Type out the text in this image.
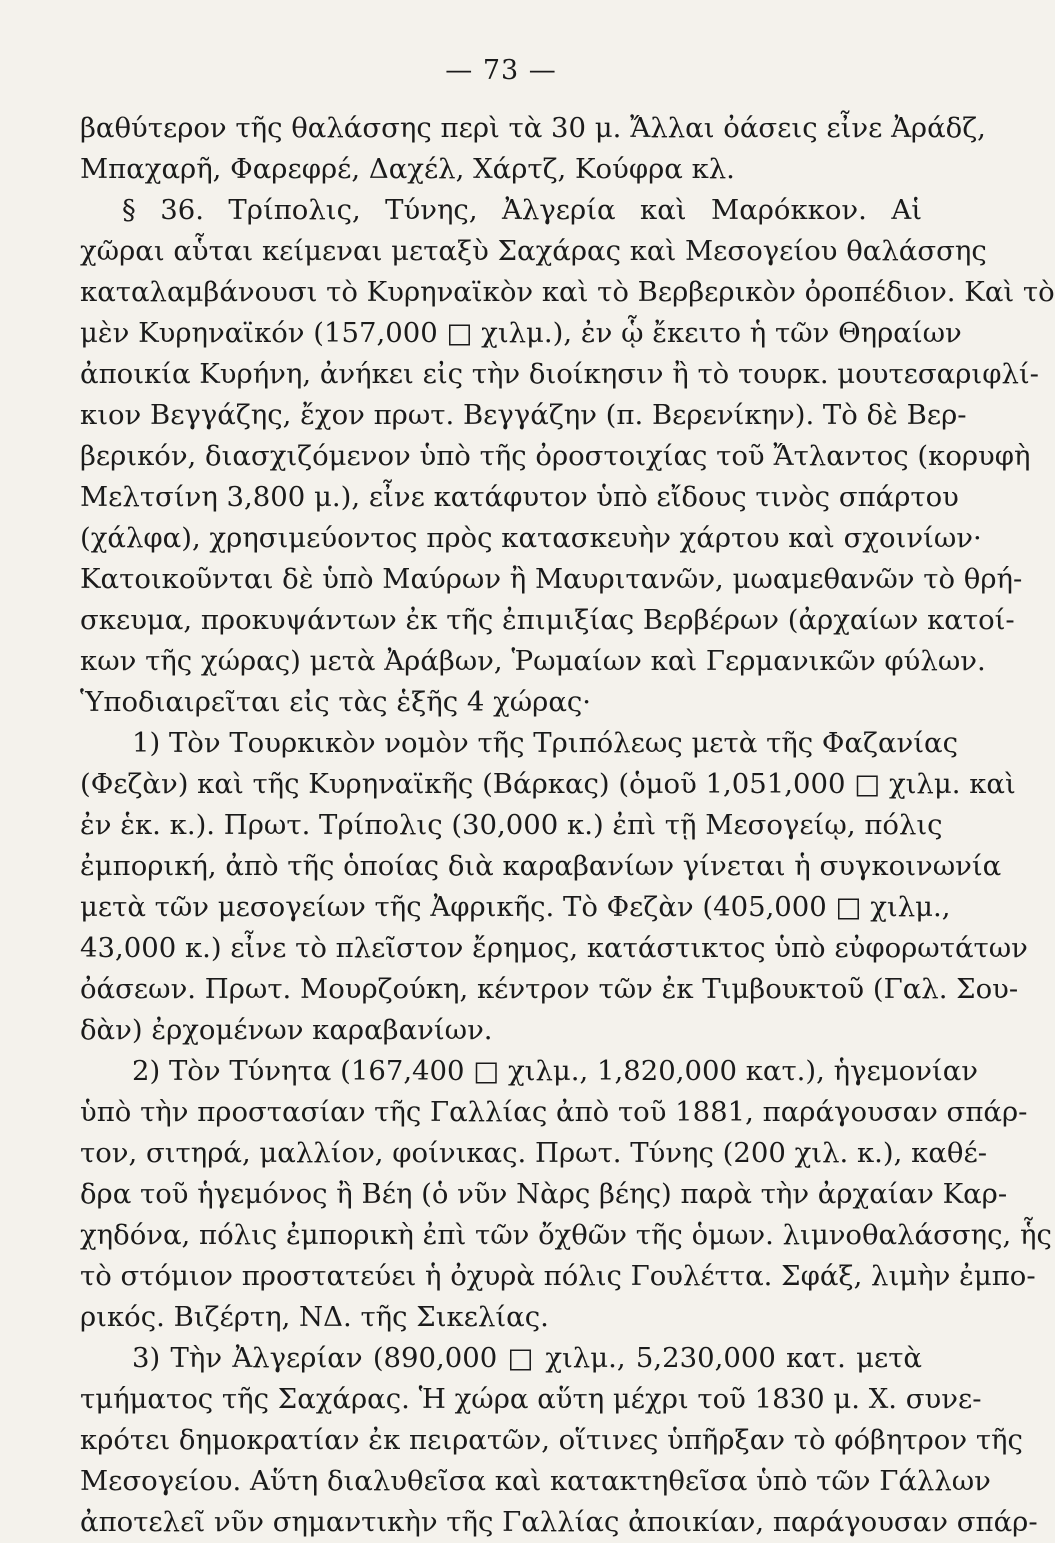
— 73 —
βαθύτερον τῆς θαλάσσης περὶ τὰ 30 μ. Ἄλλαι ὀάσεις εἶνε Ἀράδζ,
Μπαχαρῆ, Φαρεφρέ, Δαχέλ, Χάρτζ, Κούφρα κλ.
§ 36. Τρίπολις, Τύνης, Ἀλγερία καὶ Μαρόκκον. Αἱ
χῶραι αὗται κείμεναι μεταξὺ Σαχάρας καὶ Μεσογείου θαλάσσης
καταλαμβάνουσι τὸ Κυρηναϊκὸν καὶ τὸ Βερβερικὸν ὀροπέδιον. Καὶ τὸ
μὲν Κυρηναϊκόν (157,000 □ χιλμ.), ἐν ᾧ ἔκειτο ἡ τῶν Θηραίων
ἀποικία Κυρήνη, ἀνήκει εἰς τὴν διοίκησιν ἢ τὸ τουρκ. μουτεσαριφλί-
κιον Βεγγάζης, ἔχον πρωτ. Βεγγάζην (π. Βερενίκην). Τὸ δὲ Βερ-
βερικόν, διασχιζόμενον ὑπὸ τῆς ὀροστοιχίας τοῦ Ἄτλαντος (κορυφὴ
Μελτσίνη 3,800 μ.), εἶνε κατάφυτον ὑπὸ εἴδους τινὸς σπάρτου
(χάλφα), χρησιμεύοντος πρὸς κατασκευὴν χάρτου καὶ σχοινίων·
Κατοικοῦνται δὲ ὑπὸ Μαύρων ἢ Μαυριτανῶν, μωαμεθανῶν τὸ θρή-
σκευμα, προκυψάντων ἐκ τῆς ἐπιμιξίας Βερβέρων (ἀρχαίων κατοί-
κων τῆς χώρας) μετὰ Ἀράβων, Ῥωμαίων καὶ Γερμανικῶν φύλων.
Ὑποδιαιρεῖται εἰς τὰς ἑξῆς 4 χώρας·
1) Τὸν Τουρκικὸν νομὸν τῆς Τριπόλεως μετὰ τῆς Φαζανίας
(Φεζὰν) καὶ τῆς Κυρηναϊκῆς (Βάρκας) (ὁμοῦ 1,051,000 □ χιλμ. καὶ
ἐν ἑκ. κ.). Πρωτ. Τρίπολις (30,000 κ.) ἐπὶ τῇ Μεσογείῳ, πόλις
ἐμπορική, ἀπὸ τῆς ὁποίας διὰ καραβανίων γίνεται ἡ συγκοινωνία
μετὰ τῶν μεσογείων τῆς Ἀφρικῆς. Τὸ Φεζὰν (405,000 □ χιλμ.,
43,000 κ.) εἶνε τὸ πλεῖστον ἔρημος, κατάστικτος ὑπὸ εὐφορωτάτων
ὀάσεων. Πρωτ. Μουρζούκη, κέντρον τῶν ἐκ Τιμβουκτοῦ (Γαλ. Σου-
δὰν) ἐρχομένων καραβανίων.
2) Τὸν Τύνητα (167,400 □ χιλμ., 1,820,000 κατ.), ἡγεμονίαν
ὑπὸ τὴν προστασίαν τῆς Γαλλίας ἀπὸ τοῦ 1881, παράγουσαν σπάρ-
τον, σιτηρά, μαλλίον, φοίνικας. Πρωτ. Τύνης (200 χιλ. κ.), καθέ-
δρα τοῦ ἡγεμόνος ἢ Βέη (ὁ νῦν Νὰρς βέης) παρὰ τὴν ἀρχαίαν Καρ-
χηδόνα, πόλις ἐμπορικὴ ἐπὶ τῶν ὄχθῶν τῆς ὁμων. λιμνοθαλάσσης, ἧς
τὸ στόμιον προστατεύει ἡ ὀχυρὰ πόλις Γουλέττα. Σφάξ, λιμὴν ἐμπο-
ρικός. Βιζέρτη, ΝΔ. τῆς Σικελίας.
3) Τὴν Ἀλγερίαν (890,000 □ χιλμ., 5,230,000 κατ. μετὰ
τμήματος τῆς Σαχάρας. Ἡ χώρα αὕτη μέχρι τοῦ 1830 μ. Χ. συνε-
κρότει δημοκρατίαν ἐκ πειρατῶν, οἵτινες ὑπῆρξαν τὸ φόβητρον τῆς
Μεσογείου. Αὕτη διαλυθεῖσα καὶ κατακτηθεῖσα ὑπὸ τῶν Γάλλων
ἀποτελεῖ νῦν σημαντικὴν τῆς Γαλλίας ἀποικίαν, παράγουσαν σπάρ-
